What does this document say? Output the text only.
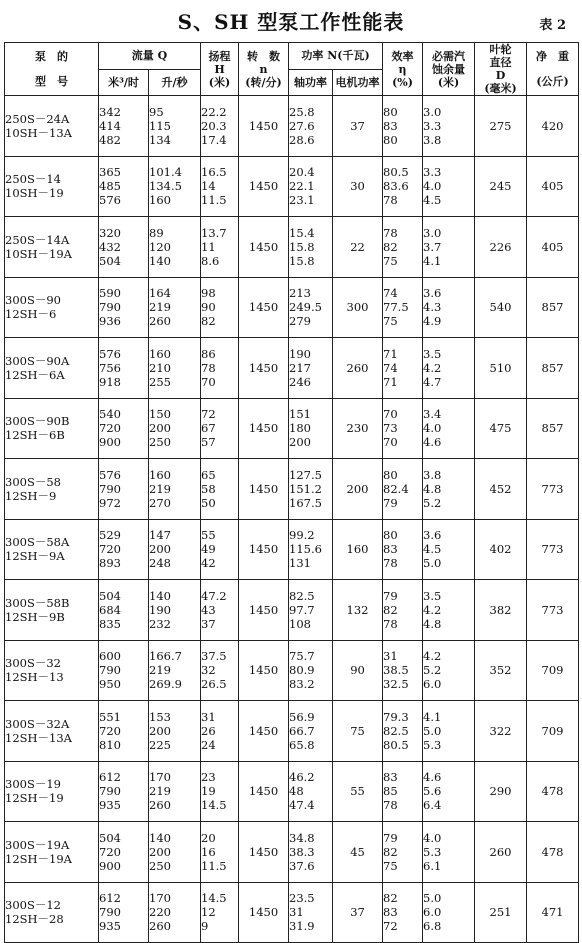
S、SH 型泵工作性能表	表 2
泵　的
型　号	流量 Q		扬程
H
(米)	转　数
n
(转/分)	功率 N(千瓦)		效率
η
(%)	必需汽
蚀余量
(米)	叶轮
直径
D
(毫米)	净　重
(公斤)

	米³/时	升/秒			轴功率	电机功率				

250S－24A
10SH－13A	342
414
482	95
115
134	22.2
20.3
17.4	1450	25.8
27.6
28.6	37	80
83
80	3.0
3.3
3.8	275	420

250S－14
10SH－19	365
485
576	101.4
134.5
160	16.5
14
11.5	1450	20.4
22.1
23.1	30	80.5
83.6
78	3.3
4.0
4.5	245	405

250S－14A
10SH－19A	320
432
504	89
120
140	13.7
11
8.6	1450	15.4
15.8
15.8	22	78
82
75	3.0
3.7
4.1	226	405

300S－90
12SH－6	590
790
936	164
219
260	98
90
82	1450	213
249.5
279	300	74
77.5
75	3.6
4.3
4.9	540	857

300S－90A
12SH－6A	576
756
918	160
210
255	86
78
70	1450	190
217
246	260	71
74
71	3.5
4.2
4.7	510	857

300S－90B
12SH－6B	540
720
900	150
200
250	72
67
57	1450	151
180
200	230	70
73
70	3.4
4.0
4.6	475	857

300S－58
12SH－9	576
790
972	160
219
270	65
58
50	1450	127.5
151.2
167.5	200	80
82.4
79	3.8
4.8
5.2	452	773

300S－58A
12SH－9A	529
720
893	147
200
248	55
49
42	1450	99.2
115.6
131	160	80
83
78	3.6
4.5
5.0	402	773

300S－58B
12SH－9B	504
684
835	140
190
232	47.2
43
37	1450	82.5
97.7
108	132	79
82
78	3.5
4.2
4.8	382	773

300S－32
12SH－13	600
790
950	166.7
219
269.9	37.5
32
26.5	1450	75.7
80.9
83.2	90	31
38.5
32.5	4.2
5.2
6.0	352	709

300S－32A
12SH－13A	551
720
810	153
200
225	31
26
24	1450	56.9
66.7
65.8	75	79.3
82.5
80.5	4.1
5.0
5.3	322	709

300S－19
12SH－19	612
790
935	170
219
260	23
19
14.5	1450	46.2
48
47.4	55	83
85
78	4.6
5.6
6.4	290	478

300S－19A
12SH－19A	504
720
900	140
200
250	20
16
11.5	1450	34.8
38.3
37.6	45	79
82
75	4.0
5.3
6.1	260	478

300S－12
12SH－28	612
790
935	170
220
260	14.5
12
9	1450	23.5
31
31.9	37	82
83
72	5.0
6.0
6.8	251	471
